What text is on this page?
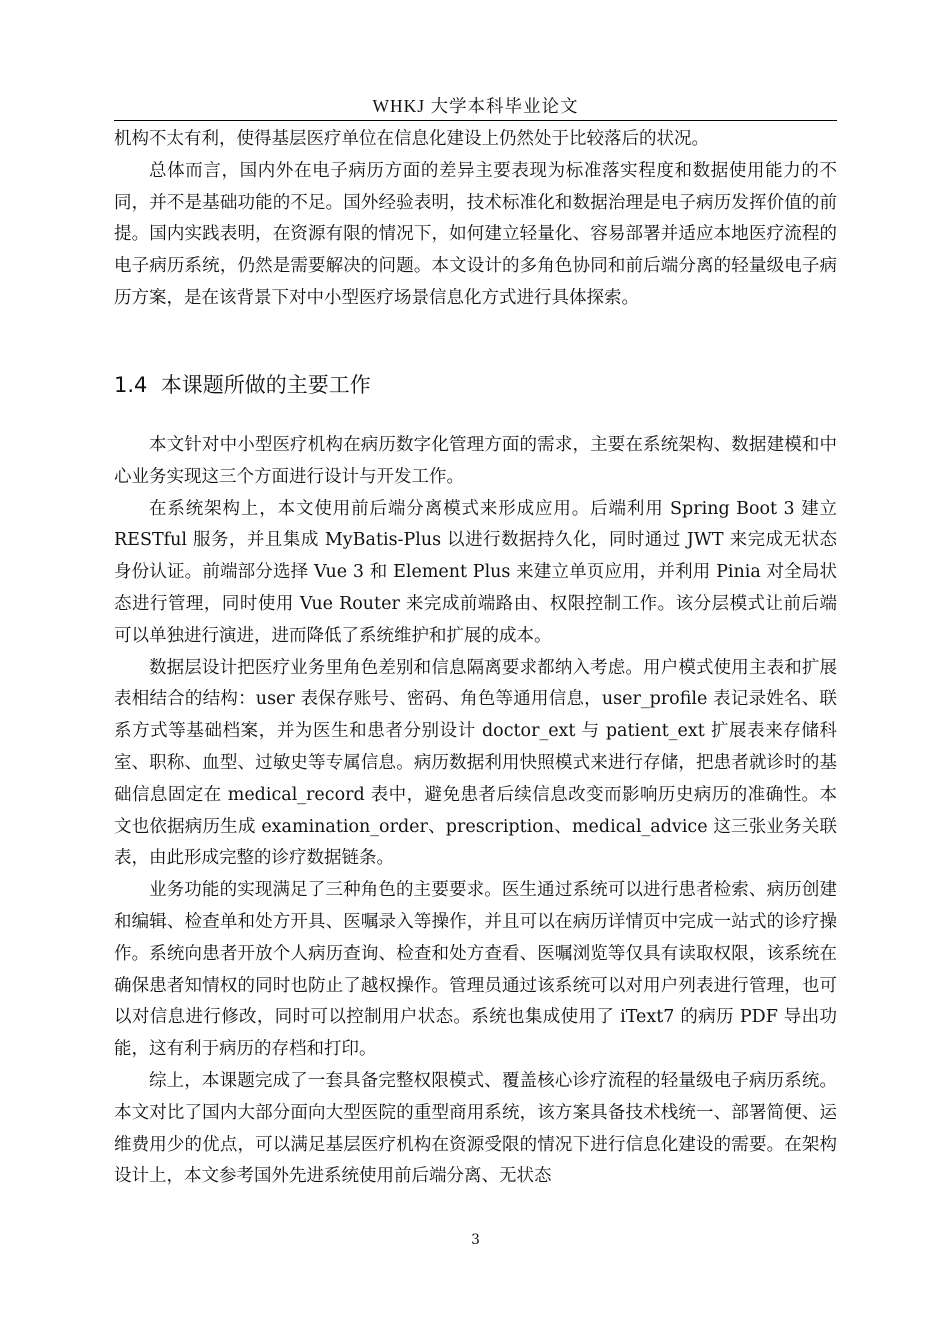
WHKJ 大学本科毕业论文

机构不太有利，使得基层医疗单位在信息化建设上仍然处于比较落后的状况。

总体而言，国内外在电子病历方面的差异主要表现为标准落实程度和数据使用能力的不同，并不是基础功能的不足。国外经验表明，技术标准化和数据治理是电子病历发挥价值的前提。国内实践表明，在资源有限的情况下，如何建立轻量化、容易部署并适应本地医疗流程的电子病历系统，仍然是需要解决的问题。本文设计的多角色协同和前后端分离的轻量级电子病历方案，是在该背景下对中小型医疗场景信息化方式进行具体探索。

1.4 本课题所做的主要工作

本文针对中小型医疗机构在病历数字化管理方面的需求，主要在系统架构、数据建模和中心业务实现这三个方面进行设计与开发工作。

在系统架构上，本文使用前后端分离模式来形成应用。后端利用 Spring Boot 3 建立 RESTful 服务，并且集成 MyBatis-Plus 以进行数据持久化，同时通过 JWT 来完成无状态身份认证。前端部分选择 Vue 3 和 Element Plus 来建立单页应用，并利用 Pinia 对全局状态进行管理，同时使用 Vue Router 来完成前端路由、权限控制工作。该分层模式让前后端可以单独进行演进，进而降低了系统维护和扩展的成本。

数据层设计把医疗业务里角色差别和信息隔离要求都纳入考虑。用户模式使用主表和扩展表相结合的结构：user 表保存账号、密码、角色等通用信息，user_profile 表记录姓名、联系方式等基础档案，并为医生和患者分别设计 doctor_ext 与 patient_ext 扩展表来存储科室、职称、血型、过敏史等专属信息。病历数据利用快照模式来进行存储，把患者就诊时的基础信息固定在 medical_record 表中，避免患者后续信息改变而影响历史病历的准确性。本文也依据病历生成 examination_order、prescription、medical_advice 这三张业务关联表，由此形成完整的诊疗数据链条。

业务功能的实现满足了三种角色的主要要求。医生通过系统可以进行患者检索、病历创建和编辑、检查单和处方开具、医嘱录入等操作，并且可以在病历详情页中完成一站式的诊疗操作。系统向患者开放个人病历查询、检查和处方查看、医嘱浏览等仅具有读取权限，该系统在确保患者知情权的同时也防止了越权操作。管理员通过该系统可以对用户列表进行管理，也可以对信息进行修改，同时可以控制用户状态。系统也集成使用了 iText7 的病历 PDF 导出功能，这有利于病历的存档和打印。

综上，本课题完成了一套具备完整权限模式、覆盖核心诊疗流程的轻量级电子病历系统。本文对比了国内大部分面向大型医院的重型商用系统，该方案具备技术栈统一、部署简便、运维费用少的优点，可以满足基层医疗机构在资源受限的情况下进行信息化建设的需要。在架构设计上，本文参考国外先进系统使用前后端分离、无状态

3
